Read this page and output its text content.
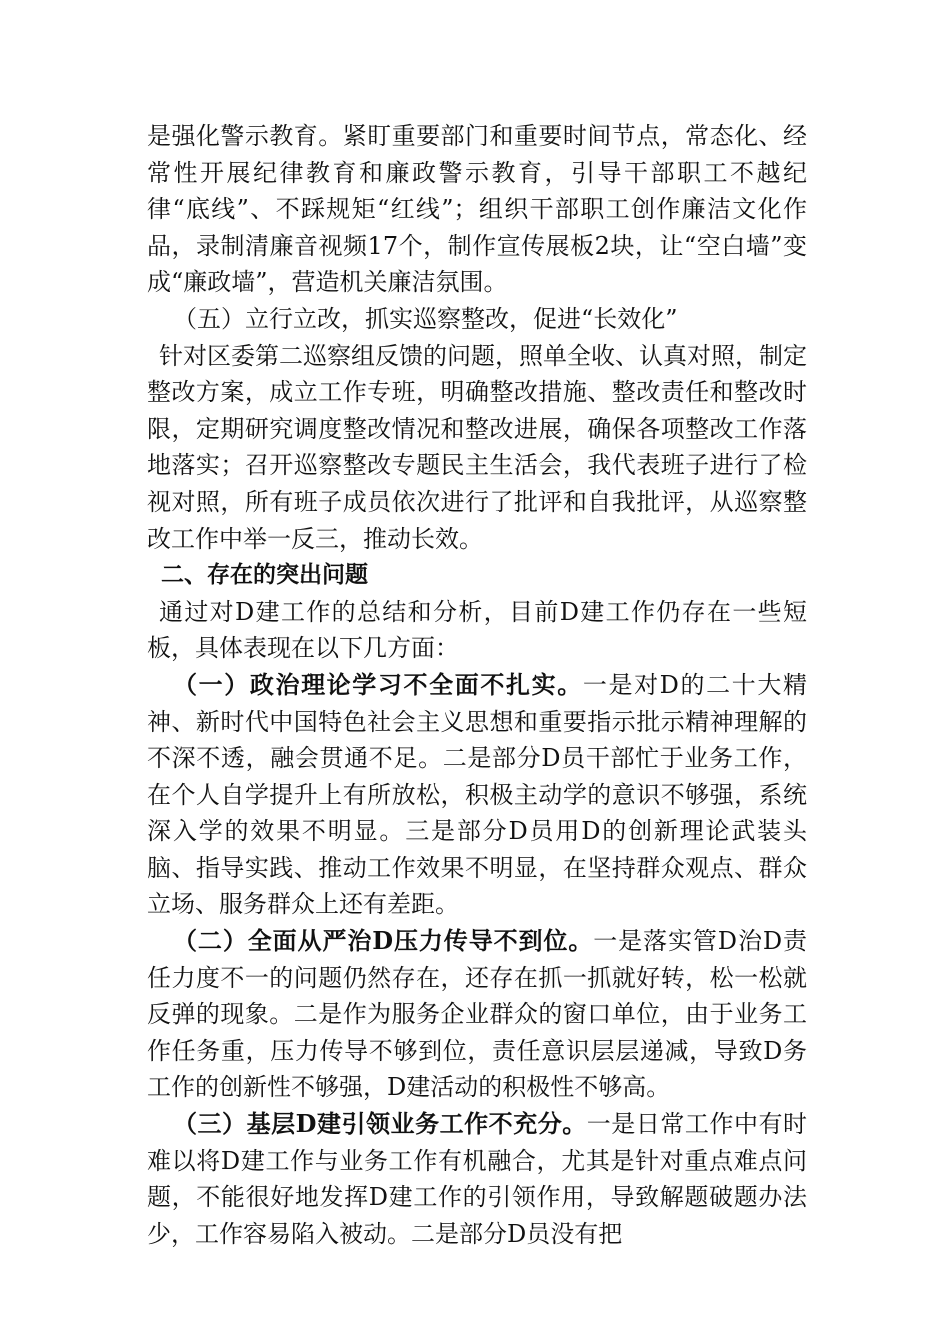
是强化警示教育。紧盯重要部门和重要时间节点，常态化、经常性开展纪律教育和廉政警示教育，引导干部职工不越纪律“底线”、不踩规矩“红线”；组织干部职工创作廉洁文化作品，录制清廉音视频17个，制作宣传展板2块，让“空白墙”变成“廉政墙”，营造机关廉洁氛围。

（五）立行立改，抓实巡察整改，促进“长效化”

针对区委第二巡察组反馈的问题，照单全收、认真对照，制定整改方案，成立工作专班，明确整改措施、整改责任和整改时限，定期研究调度整改情况和整改进展，确保各项整改工作落地落实；召开巡察整改专题民主生活会，我代表班子进行了检视对照，所有班子成员依次进行了批评和自我批评，从巡察整改工作中举一反三，推动长效。

二、存在的突出问题

通过对D建工作的总结和分析，目前D建工作仍存在一些短板，具体表现在以下几方面：

（一）政治理论学习不全面不扎实。一是对D的二十大精神、新时代中国特色社会主义思想和重要指示批示精神理解的不深不透，融会贯通不足。二是部分D员干部忙于业务工作，在个人自学提升上有所放松，积极主动学的意识不够强，系统深入学的效果不明显。三是部分D员用D的创新理论武装头脑、指导实践、推动工作效果不明显，在坚持群众观点、群众立场、服务群众上还有差距。

（二）全面从严治D压力传导不到位。一是落实管D治D责任力度不一的问题仍然存在，还存在抓一抓就好转，松一松就反弹的现象。二是作为服务企业群众的窗口单位，由于业务工作任务重，压力传导不够到位，责任意识层层递减，导致D务工作的创新性不够强，D建活动的积极性不够高。

（三）基层D建引领业务工作不充分。一是日常工作中有时难以将D建工作与业务工作有机融合，尤其是针对重点难点问题，不能很好地发挥D建工作的引领作用，导致解题破题办法少，工作容易陷入被动。二是部分D员没有把
